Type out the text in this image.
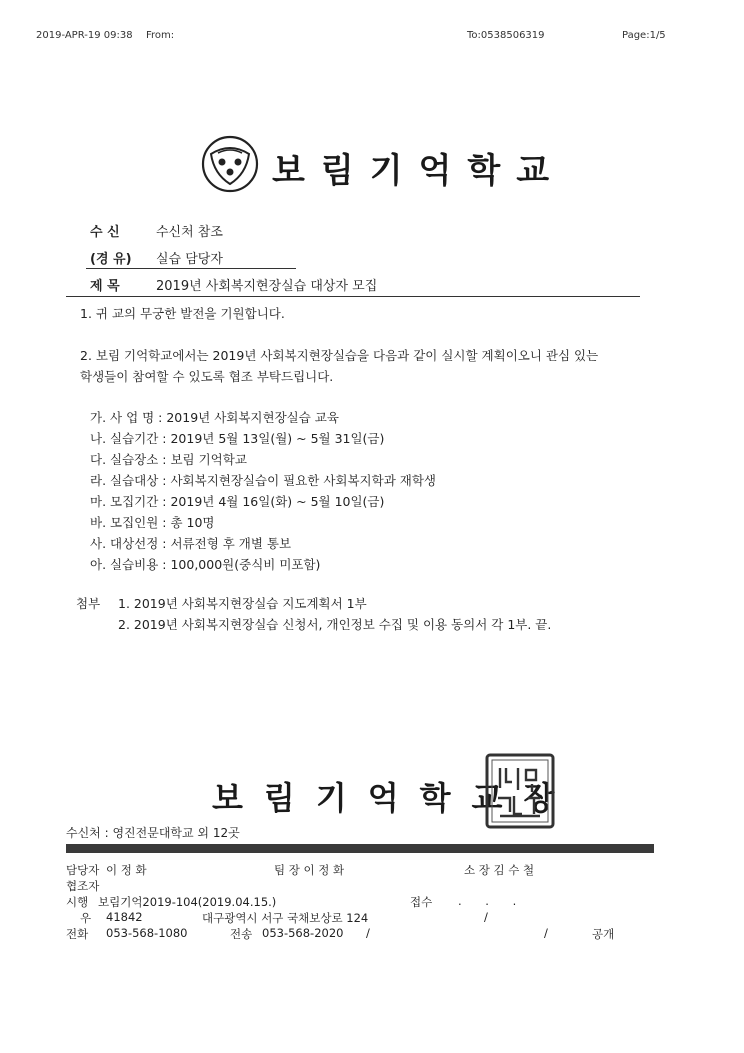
2019-APR-19 09:38 From:	To:0538506319	Page:1/5
보림기억학교
수 신	수신처 참조
(경 유) 실습 담당자
제 목	2019년 사회복지현장실습 대상자 모집
1. 귀 교의 무궁한 발전을 기원합니다.
2. 보림 기억학교에서는 2019년 사회복지현장실습을 다음과 같이 실시할 계획이오니 관심 있는
학생들이 참여할 수 있도록 협조 부탁드립니다.
가. 사 업 명 : 2019년 사회복지현장실습 교육
나. 실습기간 : 2019년 5월 13일(월) ~ 5월 31일(금)
다. 실습장소 : 보림 기억학교
라. 실습대상 : 사회복지현장실습이 필요한 사회복지학과 재학생
마. 모집기간 : 2019년 4월 16일(화) ~ 5월 10일(금)
바. 모집인원 : 총 10명
사. 대상선정 : 서류전형 후 개별 통보
아. 실습비용 : 100,000원(중식비 미포함)
첨부 1. 2019년 사회복지현장실습 지도계획서 1부
2. 2019년 사회복지현장실습 신청서, 개인정보 수집 및 이용 동의서 각 1부. 끝.
보림기억학교장
수신처 : 영진전문대학교 외 12곳
담당자 이 정 화	팀 장 이 정 화	소 장 김 수 철
협조자
시행 보림기억2019-104(2019.04.15.)	접수 . . .
우 41842	대구광역시 서구 국채보상로 124	/
전화 053-568-1080	전송 053-568-2020 /	/	공개
